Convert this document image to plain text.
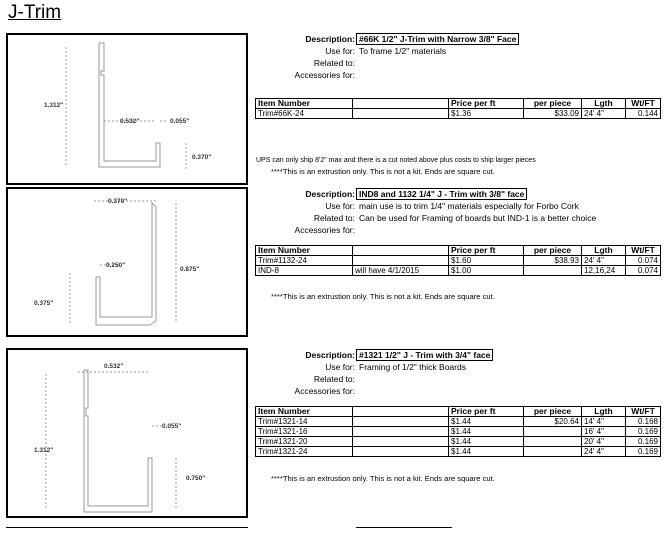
J-Trim
1.312"
0.532"	0.055"
0.370"
Description: #66K 1/2" J-Trim with Narrow 3/8" Face
Use for: To frame 1/2" materials
Related to:
Accessories for:
Item Number		Price per ft	per piece	Lgth	Wt/FT
Trim#66K-24		$1.36	$33.09	24' 4"	0.144
UPS can only ship 8'2" max and there is a cut noted above plus costs to ship larger pieces
****This is an extrustion only. This is not a kit. Ends are square cut.
0.370"
0.875"
0.250"
0.375"
Description: IND8 and 1132 1/4" J - Trim with 3/8" face
Use for: main use is to trim 1/4" materials especially for Forbo Cork
Related to: Can be used for Framing of boards but IND-1 is a better choice
Accessories for:
Item Number		Price per ft	per piece	Lgth	Wt/FT
Trim#1132-24		$1.60	$38.93	24' 4"	0.074
IND-8	will have 4/1/2015	$1.00		12,16,24	0.074
****This is an extrustion only. This is not a kit. Ends are square cut.
0.532"
1.312"
0.055"
0.750"
Description: #1321 1/2" J - Trim with 3/4" face
Use for: Framing of 1/2" thick Boards
Related to:
Accessories for:
Item Number		Price per ft	per piece	Lgth	Wt/FT
Trim#1321-14		$1.44	$20.64	14' 4"	0.168
Trim#1321-16		$1.44		16' 4"	0.169
Trim#1321-20		$1.44		20' 4"	0.169
Trim#1321-24		$1.44		24' 4"	0.169
****This is an extrustion only. This is not a kit. Ends are square cut.
